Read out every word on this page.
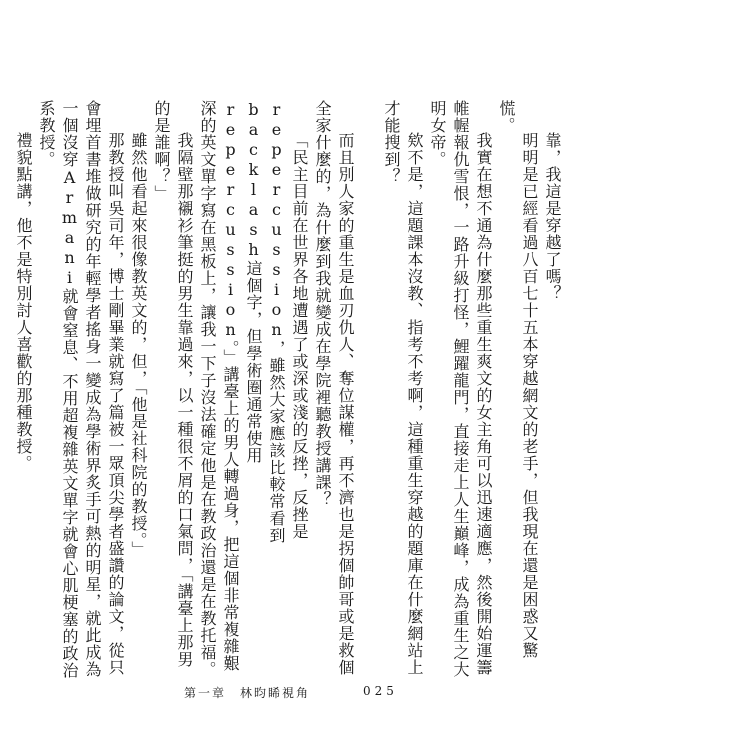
靠，我這是穿越了嗎？

明明是已經看過八百七十五本穿越網文的老手，但我現在還是困惑又驚慌。

我實在想不通為什麼那些重生爽文的女主角可以迅速適應，然後開始運籌帷幄報仇雪恨，一路升級打怪，鯉躍龍門，直接走上人生巔峰，成為重生之大明女帝。

欸不是，這題課本沒教、指考不考啊，這種重生穿越的題庫在什麼網站上才能搜到？

而且別人家的重生是血刃仇人、奪位謀權，再不濟也是拐個帥哥或是救個全家什麼的，為什麼到我就變成在學院裡聽教授講課？

「民主目前在世界各地遭遇了或深或淺的反挫，反挫是repercussion，雖然大家應該比較常看到backlash這個字，但學術圈通常使用repercussion。」講臺上的男人轉過身，把這個非常複雜艱深的英文單字寫在黑板上，讓我一下子沒法確定他是在教政治還是在教托福。

我隔壁那襯衫筆挺的男生靠過來，以一種很不屑的口氣問，「講臺上那男的是誰啊？」

雖然他看起來很像教英文的，但，「他是社科院的教授。」

那教授叫吳司年，博士剛畢業就寫了篇被一眾頂尖學者盛讚的論文，從只會埋首書堆做研究的年輕學者搖身一變成為學術界炙手可熱的明星，就此成為一個沒穿Armani就會窒息、不用超複雜英文單字就會心肌梗塞的政治系教授。

禮貌點講，他不是特別討人喜歡的那種教授。

第一章　林昀睎視角	025
